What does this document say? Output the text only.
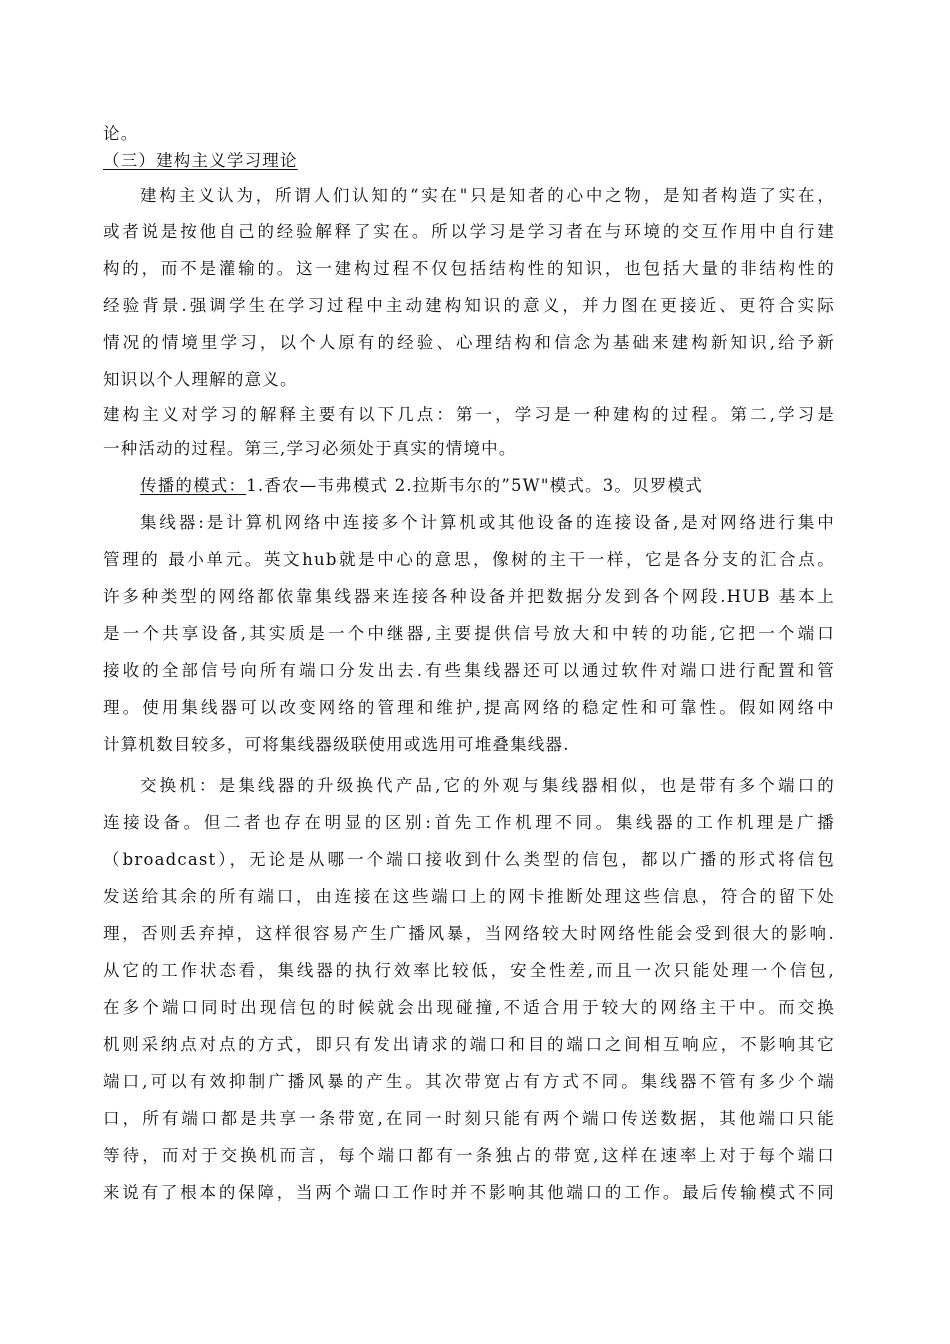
论。
（三）建构主义学习理论
建构主义认为，所谓人们认知的“实在"只是知者的心中之物，是知者构造了实在，
或者说是按他自己的经验解释了实在。所以学习是学习者在与环境的交互作用中自行建
构的，而不是灌输的。这一建构过程不仅包括结构性的知识，也包括大量的非结构性的
经验背景.强调学生在学习过程中主动建构知识的意义，并力图在更接近、更符合实际
情况的情境里学习，以个人原有的经验、心理结构和信念为基础来建构新知识,给予新
知识以个人理解的意义。
建构主义对学习的解释主要有以下几点：第一，学习是一种建构的过程。第二,学习是
一种活动的过程。第三,学习必须处于真实的情境中。
传播的模式：1.香农—韦弗模式 2.拉斯韦尔的”5W"模式。3。贝罗模式
集线器:是计算机网络中连接多个计算机或其他设备的连接设备,是对网络进行集中
管理的 最小单元。英文hub就是中心的意思，像树的主干一样，它是各分支的汇合点。
许多种类型的网络都依靠集线器来连接各种设备并把数据分发到各个网段.HUB 基本上
是一个共享设备,其实质是一个中继器,主要提供信号放大和中转的功能,它把一个端口
接收的全部信号向所有端口分发出去.有些集线器还可以通过软件对端口进行配置和管
理。使用集线器可以改变网络的管理和维护,提高网络的稳定性和可靠性。假如网络中
计算机数目较多，可将集线器级联使用或选用可堆叠集线器.
交换机：是集线器的升级换代产品,它的外观与集线器相似，也是带有多个端口的
连接设备。但二者也存在明显的区别:首先工作机理不同。集线器的工作机理是广播
（broadcast），无论是从哪一个端口接收到什么类型的信包，都以广播的形式将信包
发送给其余的所有端口，由连接在这些端口上的网卡推断处理这些信息，符合的留下处
理，否则丢弃掉，这样很容易产生广播风暴，当网络较大时网络性能会受到很大的影响.
从它的工作状态看，集线器的执行效率比较低，安全性差,而且一次只能处理一个信包,
在多个端口同时出现信包的时候就会出现碰撞,不适合用于较大的网络主干中。而交换
机则采纳点对点的方式，即只有发出请求的端口和目的端口之间相互响应，不影响其它
端口,可以有效抑制广播风暴的产生。其次带宽占有方式不同。集线器不管有多少个端
口，所有端口都是共享一条带宽,在同一时刻只能有两个端口传送数据，其他端口只能
等待，而对于交换机而言，每个端口都有一条独占的带宽,这样在速率上对于每个端口
来说有了根本的保障，当两个端口工作时并不影响其他端口的工作。最后传输模式不同
